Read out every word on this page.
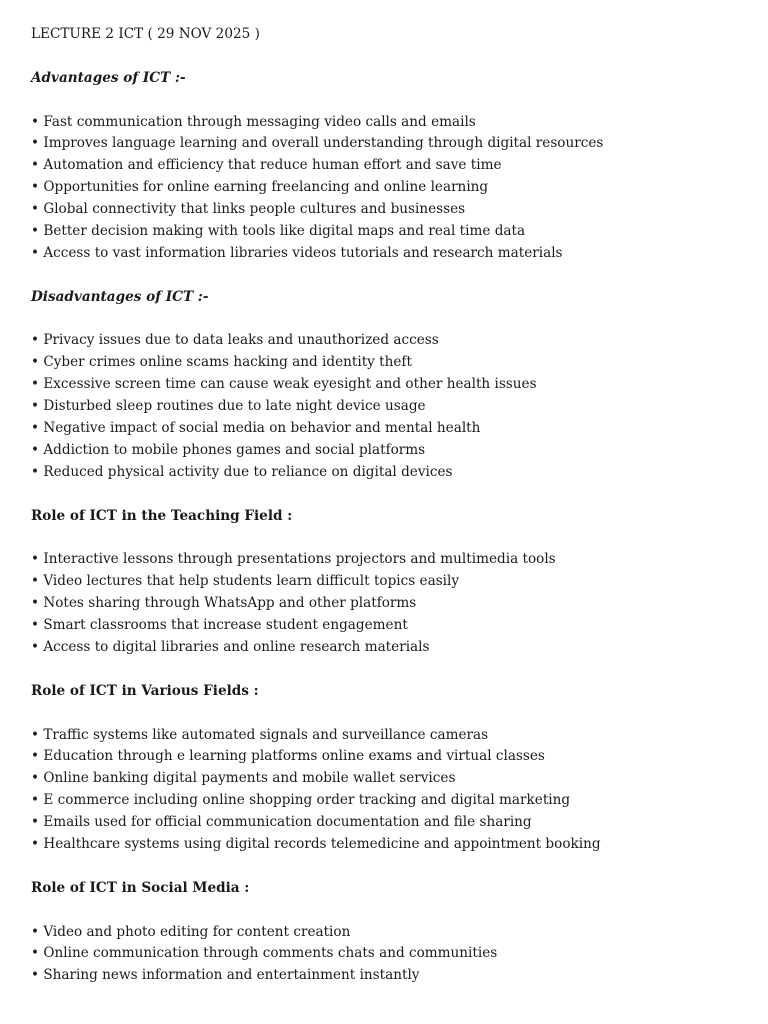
LECTURE 2 ICT ( 29 NOV 2025 )
Advantages of ICT :-
• Fast communication through messaging video calls and emails
• Improves language learning and overall understanding through digital resources
• Automation and efficiency that reduce human effort and save time
• Opportunities for online earning freelancing and online learning
• Global connectivity that links people cultures and businesses
• Better decision making with tools like digital maps and real time data
• Access to vast information libraries videos tutorials and research materials
Disadvantages of ICT :-
• Privacy issues due to data leaks and unauthorized access
• Cyber crimes online scams hacking and identity theft
• Excessive screen time can cause weak eyesight and other health issues
• Disturbed sleep routines due to late night device usage
• Negative impact of social media on behavior and mental health
• Addiction to mobile phones games and social platforms
• Reduced physical activity due to reliance on digital devices
Role of ICT in the Teaching Field :
• Interactive lessons through presentations projectors and multimedia tools
• Video lectures that help students learn difficult topics easily
• Notes sharing through WhatsApp and other platforms
• Smart classrooms that increase student engagement
• Access to digital libraries and online research materials
Role of ICT in Various Fields :
• Traffic systems like automated signals and surveillance cameras
• Education through e learning platforms online exams and virtual classes
• Online banking digital payments and mobile wallet services
• E commerce including online shopping order tracking and digital marketing
• Emails used for official communication documentation and file sharing
• Healthcare systems using digital records telemedicine and appointment booking
Role of ICT in Social Media :
• Video and photo editing for content creation
• Online communication through comments chats and communities
• Sharing news information and entertainment instantly
